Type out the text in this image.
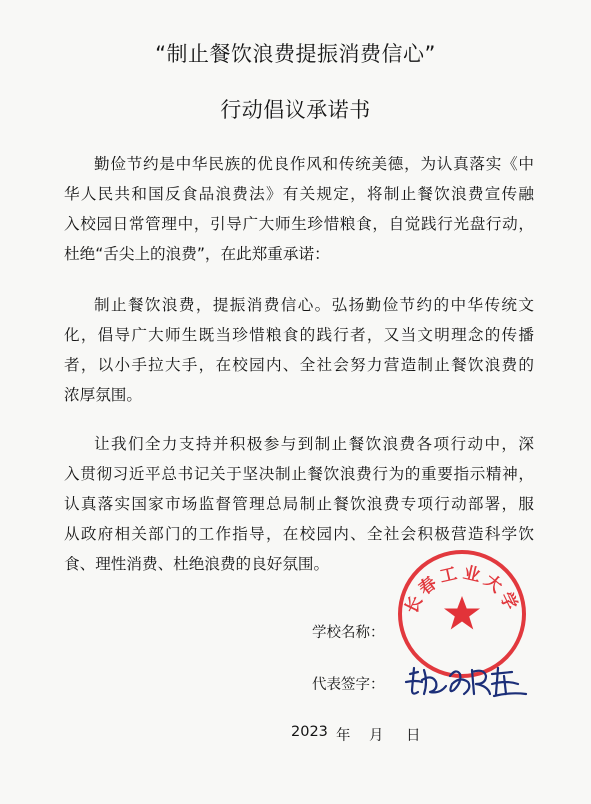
“制止餐饮浪费提振消费信心”
行动倡议承诺书
勤俭节约是中华民族的优良作风和传统美德，为认真落实《中
华人民共和国反食品浪费法》有关规定，将制止餐饮浪费宣传融
入校园日常管理中，引导广大师生珍惜粮食，自觉践行光盘行动，
杜绝“舌尖上的浪费”，在此郑重承诺：
制止餐饮浪费，提振消费信心。弘扬勤俭节约的中华传统文
化，倡导广大师生既当珍惜粮食的践行者，又当文明理念的传播
者，以小手拉大手，在校园内、全社会努力营造制止餐饮浪费的
浓厚氛围。
让我们全力支持并积极参与到制止餐饮浪费各项行动中，深
入贯彻习近平总书记关于坚决制止餐饮浪费行为的重要指示精神，
认真落实国家市场监督管理总局制止餐饮浪费专项行动部署，服
从政府相关部门的工作指导，在校园内、全社会积极营造科学饮
食、理性消费、杜绝浪费的良好氛围。
长春工业大学
学校名称：
代表签字：
2023 年 月 日
